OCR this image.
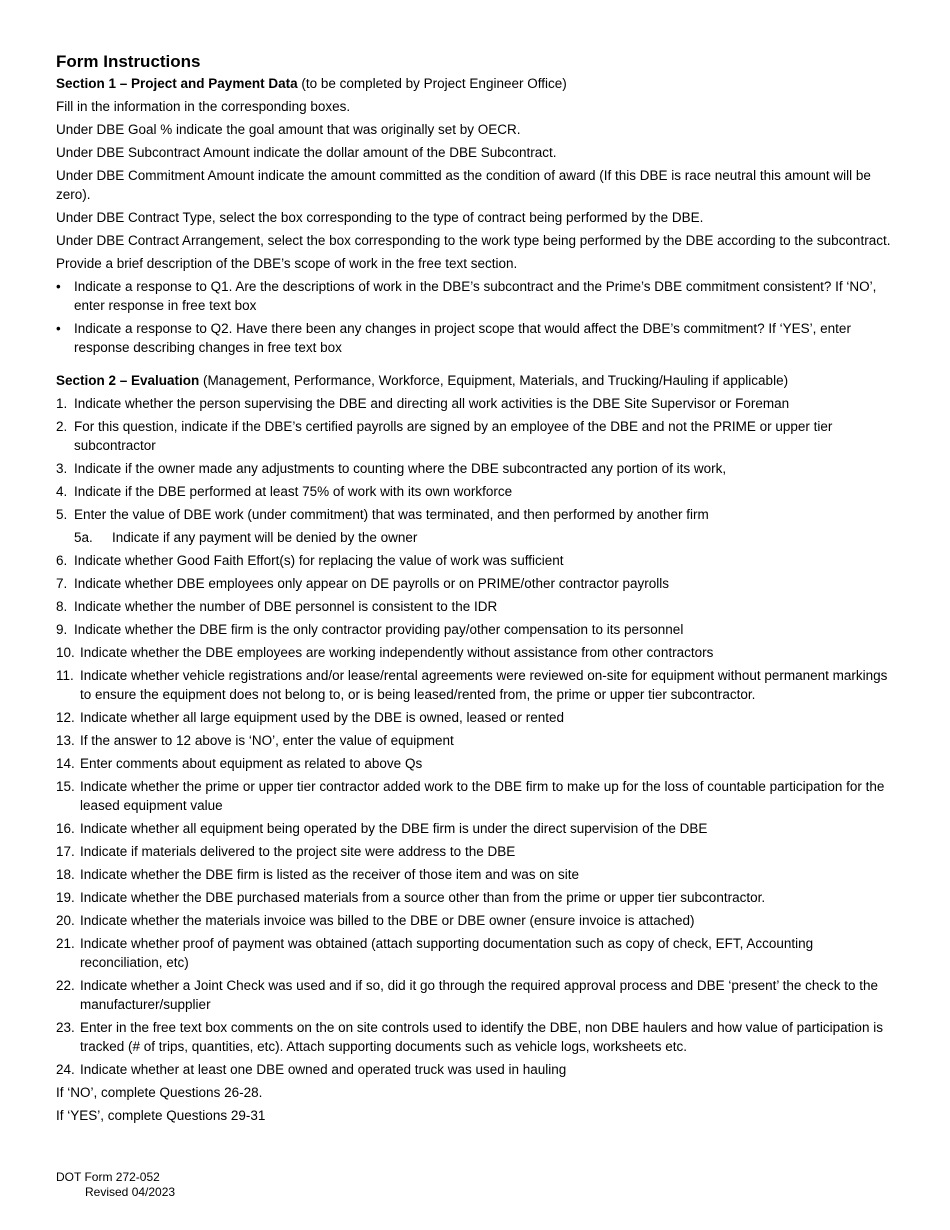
Form Instructions
Section 1 – Project and Payment Data (to be completed by Project Engineer Office)

Fill in the information in the corresponding boxes.

Under DBE Goal % indicate the goal amount that was originally set by OECR.

Under DBE Subcontract Amount indicate the dollar amount of the DBE Subcontract.

Under DBE Commitment Amount indicate the amount committed as the condition of award (If this DBE is race neutral this amount will be zero).

Under DBE Contract Type, select the box corresponding to the type of contract being performed by the DBE.

Under DBE Contract Arrangement, select the box corresponding to the work type being performed by the DBE according to the subcontract.

Provide a brief description of the DBE’s scope of work in the free text section.

• Indicate a response to Q1. Are the descriptions of work in the DBE’s subcontract and the Prime’s DBE commitment consistent? If ‘NO’, enter response in free text box
• Indicate a response to Q2. Have there been any changes in project scope that would affect the DBE’s commitment? If ‘YES’, enter response describing changes in free text box
Section 2 – Evaluation (Management, Performance, Workforce, Equipment, Materials, and Trucking/Hauling if applicable)
1. Indicate whether the person supervising the DBE and directing all work activities is the DBE Site Supervisor or Foreman
2. For this question, indicate if the DBE’s certified payrolls are signed by an employee of the DBE and not the PRIME or upper tier subcontractor
3. Indicate if the owner made any adjustments to counting where the DBE subcontracted any portion of its work,
4. Indicate if the DBE performed at least 75% of work with its own workforce
5. Enter the value of DBE work (under commitment) that was terminated, and then performed by another firm
5a.	Indicate if any payment will be denied by the owner
6. Indicate whether Good Faith Effort(s) for replacing the value of work was sufficient
7. Indicate whether DBE employees only appear on DE payrolls or on PRIME/other contractor payrolls
8. Indicate whether the number of DBE personnel is consistent to the IDR
9. Indicate whether the DBE firm is the only contractor providing pay/other compensation to its personnel
10. Indicate whether the DBE employees are working independently without assistance from other contractors
11. Indicate whether vehicle registrations and/or lease/rental agreements were reviewed on-site for equipment without permanent markings to ensure the equipment does not belong to, or is being leased/rented from, the prime or upper tier subcontractor.
12. Indicate whether all large equipment used by the DBE is owned, leased or rented
13. If the answer to 12 above is ‘NO’, enter the value of equipment
14. Enter comments about equipment as related to above Qs
15. Indicate whether the prime or upper tier contractor added work to the DBE firm to make up for the loss of countable participation for the leased equipment value
16. Indicate whether all equipment being operated by the DBE firm is under the direct supervision of the DBE
17. Indicate if materials delivered to the project site were address to the DBE
18. Indicate whether the DBE firm is listed as the receiver of those item and was on site
19. Indicate whether the DBE purchased materials from a source other than from the prime or upper tier subcontractor.
20. Indicate whether the materials invoice was billed to the DBE or DBE owner (ensure invoice is attached)
21. Indicate whether proof of payment was obtained (attach supporting documentation such as copy of check, EFT, Accounting reconciliation, etc)
22. Indicate whether a Joint Check was used and if so, did it go through the required approval process and DBE ‘present’ the check to the manufacturer/supplier
23. Enter in the free text box comments on the on site controls used to identify the DBE, non DBE haulers and how value of participation is tracked (# of trips, quantities, etc). Attach supporting documents such as vehicle logs, worksheets etc.
24. Indicate whether at least one DBE owned and operated truck was used in hauling

If ‘NO’, complete Questions 26-28.

If ‘YES’, complete Questions 29-31

DOT Form 272-052
Revised 04/2023
